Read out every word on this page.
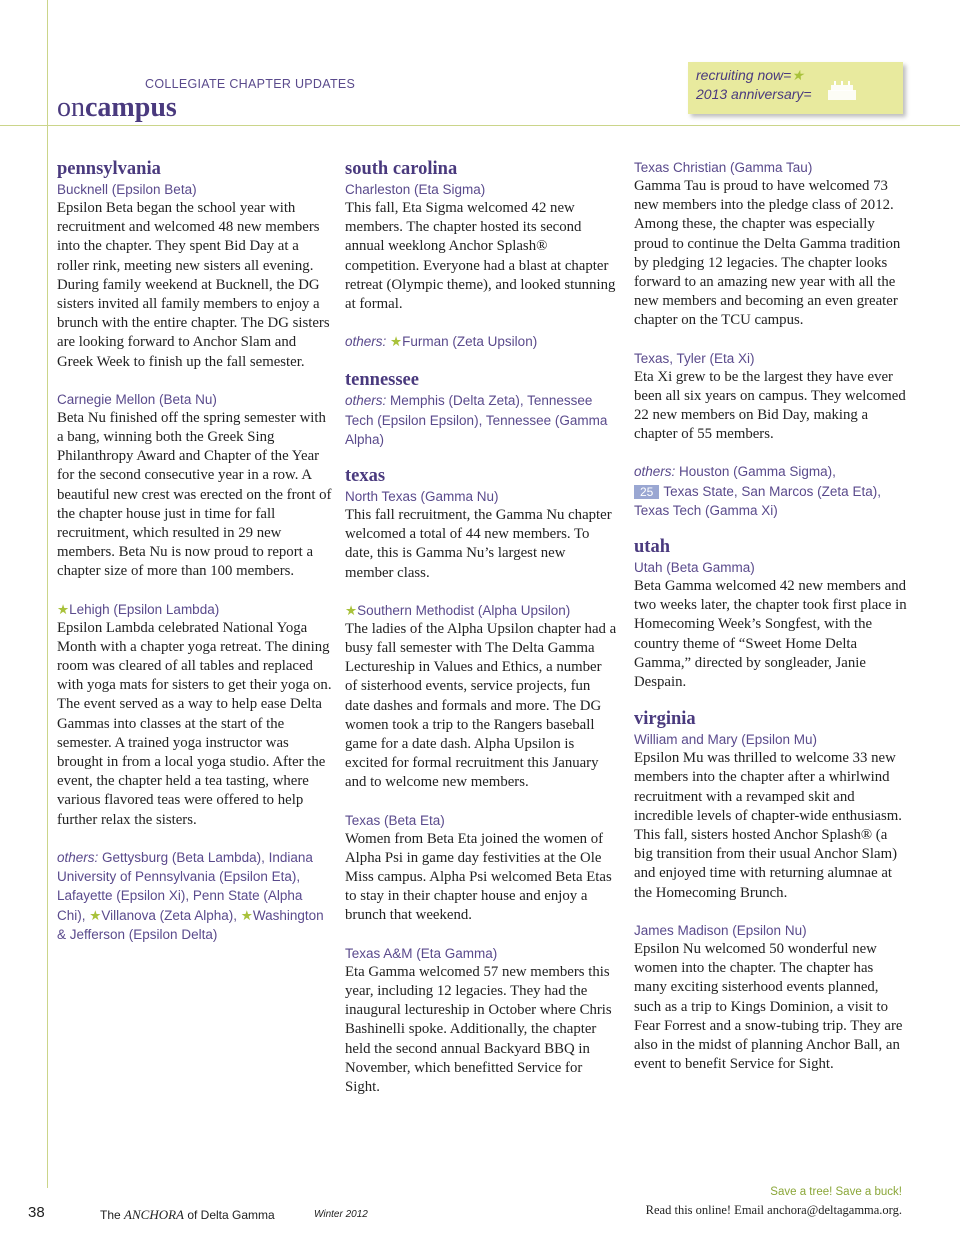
COLLEGIATE CHAPTER UPDATES
oncampus
recruiting now=★
2013 anniversary=
pennsylvania

Bucknell (Epsilon Beta)

Epsilon Beta began the school year with recruitment and welcomed 48 new members into the chapter. They spent Bid Day at a roller rink, meeting new sisters all evening. During family weekend at Bucknell, the DG sisters invited all family members to enjoy a brunch with the entire chapter. The DG sisters are looking forward to Anchor Slam and Greek Week to finish up the fall semester.

Carnegie Mellon (Beta Nu)

Beta Nu finished off the spring semester with a bang, winning both the Greek Sing Philanthropy Award and Chapter of the Year for the second consecutive year in a row. A beautiful new crest was erected on the front of the chapter house just in time for fall recruitment, which resulted in 29 new members. Beta Nu is now proud to report a chapter size of more than 100 members.

★Lehigh (Epsilon Lambda)

Epsilon Lambda celebrated National Yoga Month with a chapter yoga retreat. The dining room was cleared of all tables and replaced with yoga mats for sisters to get their yoga on. The event served as a way to help ease Delta Gammas into classes at the start of the semester. A trained yoga instructor was brought in from a local yoga studio. After the event, the chapter held a tea tasting, where various flavored teas were offered to help further relax the sisters.

others: Gettysburg (Beta Lambda), Indiana University of Pennsylvania (Epsilon Eta), Lafayette (Epsilon Xi), Penn State (Alpha Chi), ★Villanova (Zeta Alpha), ★Washington & Jefferson (Epsilon Delta)

south carolina

Charleston (Eta Sigma)

This fall, Eta Sigma welcomed 42 new members. The chapter hosted its second annual weeklong Anchor Splash® competition. Everyone had a blast at chapter retreat (Olympic theme), and looked stunning at formal.

others: ★Furman (Zeta Upsilon)

tennessee

others: Memphis (Delta Zeta), Tennessee Tech (Epsilon Epsilon), Tennessee (Gamma Alpha)

texas

North Texas (Gamma Nu)

This fall recruitment, the Gamma Nu chapter welcomed a total of 44 new members. To date, this is Gamma Nu’s largest new member class.

★Southern Methodist (Alpha Upsilon)

The ladies of the Alpha Upsilon chapter had a busy fall semester with The Delta Gamma Lectureship in Values and Ethics, a number of sisterhood events, service projects, fun date dashes and formals and more. The DG women took a trip to the Rangers baseball game for a date dash. Alpha Upsilon is excited for formal recruitment this January and to welcome new members.

Texas (Beta Eta)

Women from Beta Eta joined the women of Alpha Psi in game day festivities at the Ole Miss campus. Alpha Psi welcomed Beta Etas to stay in their chapter house and enjoy a brunch that weekend.

Texas A&M (Eta Gamma)

Eta Gamma welcomed 57 new members this year, including 12 legacies. They had the inaugural lectureship in October where Chris Bashinelli spoke. Additionally, the chapter held the second annual Backyard BBQ in November, which benefitted Service for Sight.

Texas Christian (Gamma Tau)

Gamma Tau is proud to have welcomed 73 new members into the pledge class of 2012. Among these, the chapter was especially proud to continue the Delta Gamma tradition by pledging 12 legacies. The chapter looks forward to an amazing new year with all the new members and becoming an even greater chapter on the TCU campus.

Texas, Tyler (Eta Xi)

Eta Xi grew to be the largest they have ever been all six years on campus. They welcomed 22 new members on Bid Day, making a chapter of 55 members.

others: Houston (Gamma Sigma),
25 Texas State, San Marcos (Zeta Eta), Texas Tech (Gamma Xi)

utah

Utah (Beta Gamma)

Beta Gamma welcomed 42 new members and two weeks later, the chapter took first place in Homecoming Week’s Songfest, with the country theme of “Sweet Home Delta Gamma,” directed by songleader, Janie Despain.

virginia

William and Mary (Epsilon Mu)

Epsilon Mu was thrilled to welcome 33 new members into the chapter after a whirlwind recruitment with a revamped skit and incredible levels of chapter-wide enthusiasm. This fall, sisters hosted Anchor Splash® (a big transition from their usual Anchor Slam) and enjoyed time with returning alumnae at the Homecoming Brunch.

James Madison (Epsilon Nu)

Epsilon Nu welcomed 50 wonderful new women into the chapter. The chapter has many exciting sisterhood events planned, such as a trip to Kings Dominion, a visit to Fear Forrest and a snow-tubing trip. They are also in the midst of planning Anchor Ball, an event to benefit Service for Sight.

38	The ANCHORA of Delta Gamma	Winter 2012
Save a tree! Save a buck!
Read this online! Email anchora@deltagamma.org.
